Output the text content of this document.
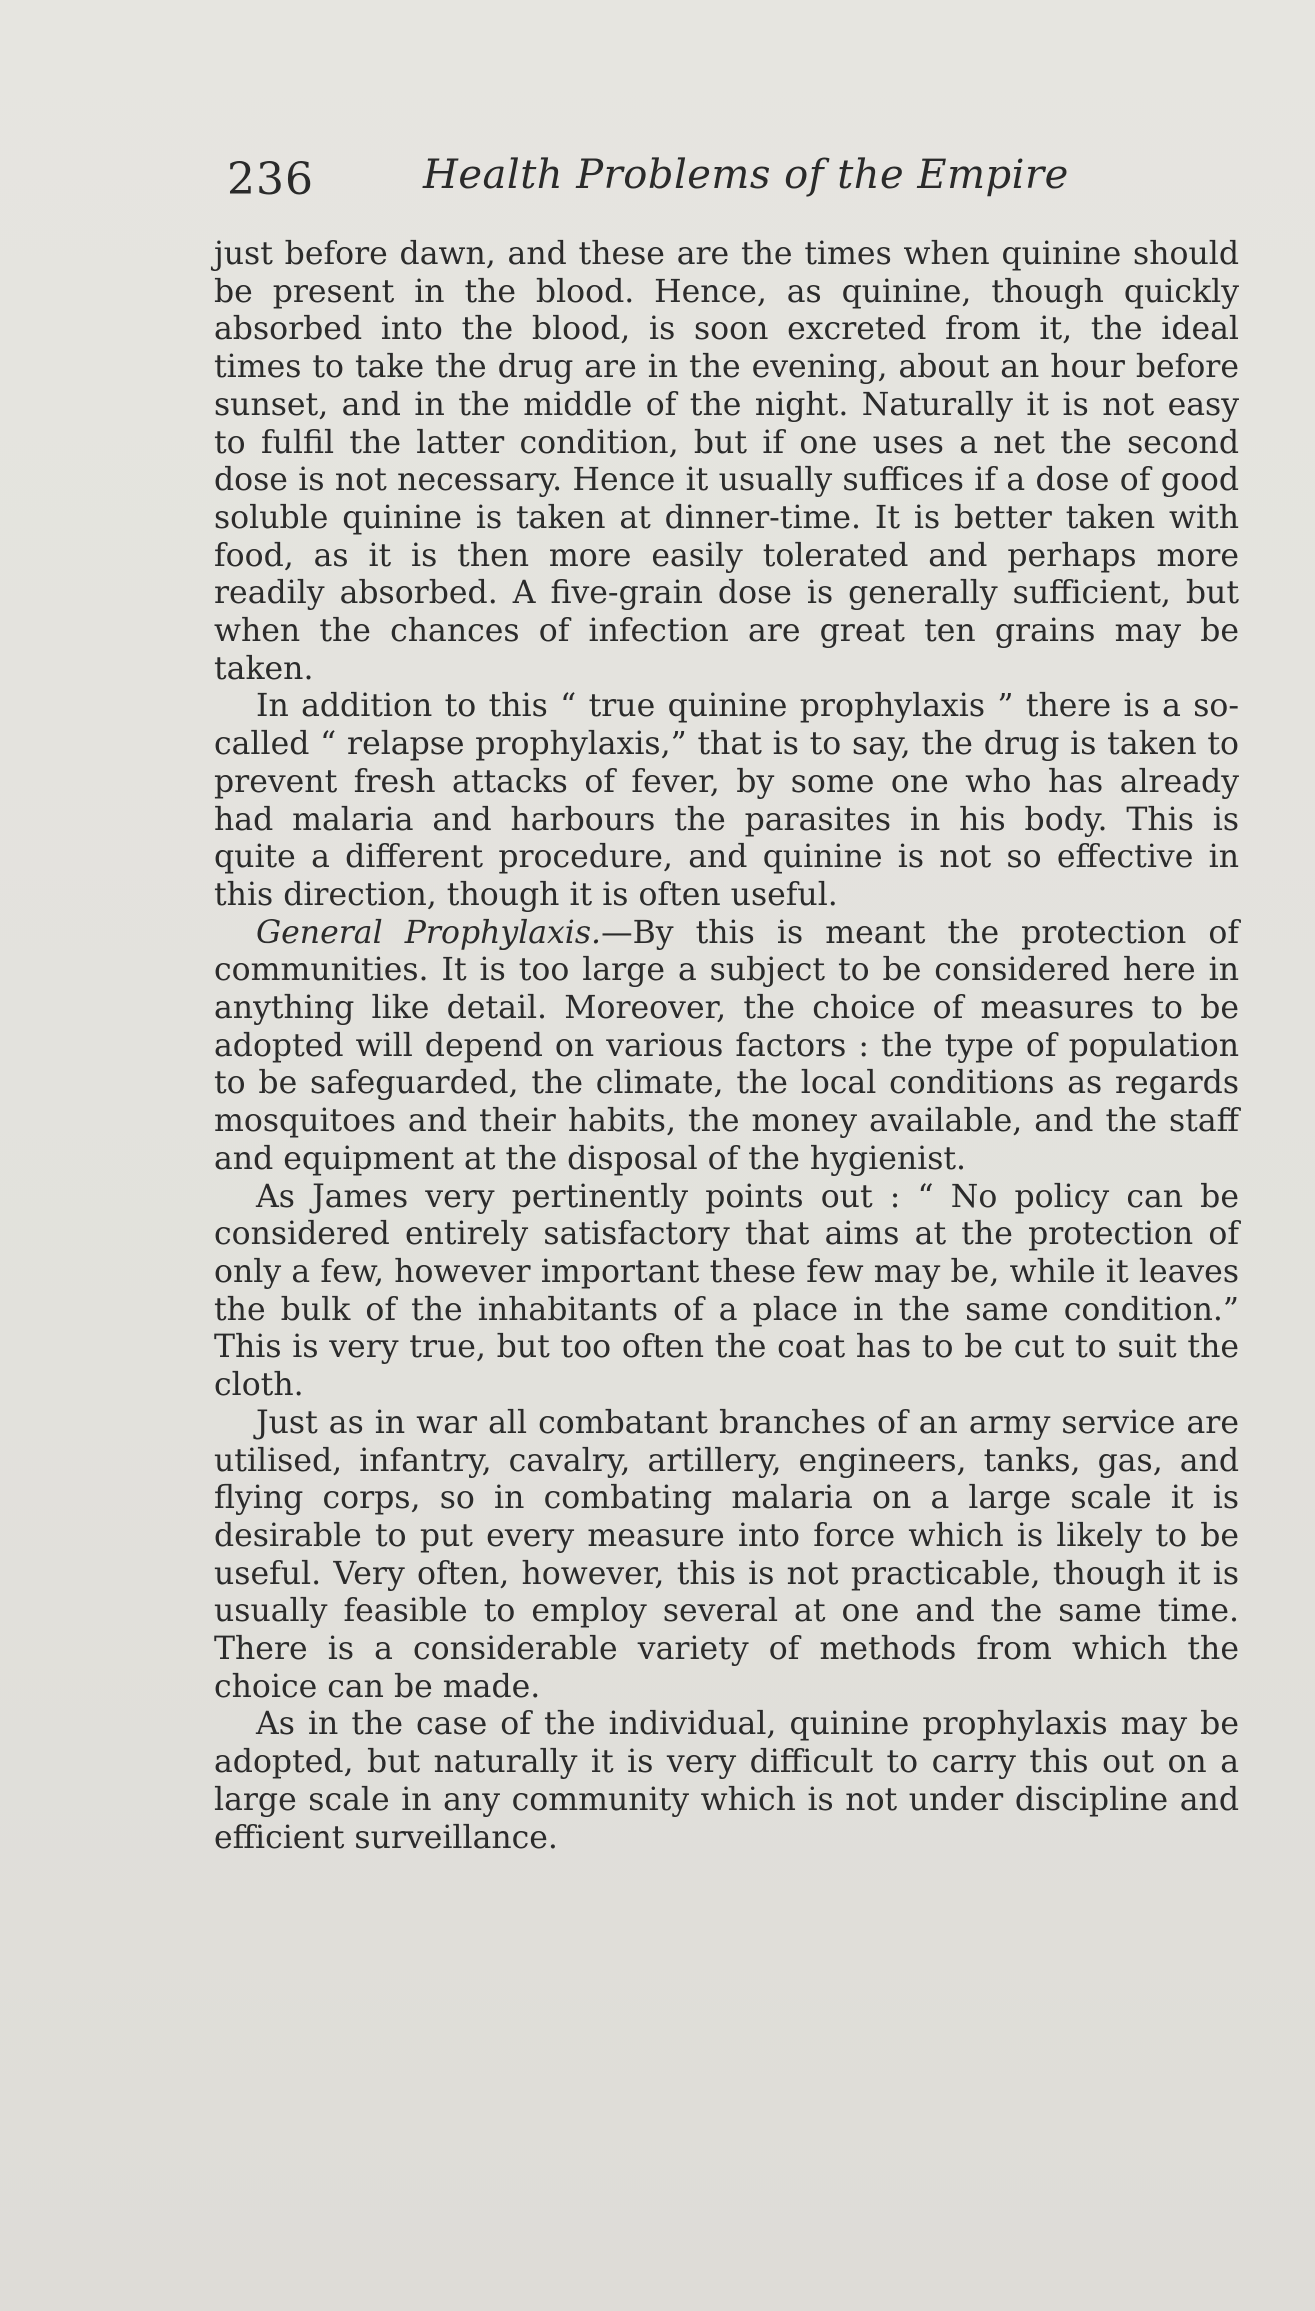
236	Health Problems of the Empire

just before dawn, and these are the times when quinine should be present in the blood. Hence, as quinine, though quickly absorbed into the blood, is soon excreted from it, the ideal times to take the drug are in the evening, about an hour before sunset, and in the middle of the night. Naturally it is not easy to fulfil the latter condition, but if one uses a net the second dose is not necessary. Hence it usually suffices if a dose of good soluble quinine is taken at dinner-time. It is better taken with food, as it is then more easily tolerated and perhaps more readily absorbed. A five-grain dose is generally sufficient, but when the chances of infection are great ten grains may be taken.

In addition to this “ true quinine prophylaxis ” there is a so-called “ relapse prophylaxis,” that is to say, the drug is taken to prevent fresh attacks of fever, by some one who has already had malaria and harbours the parasites in his body. This is quite a different procedure, and quinine is not so effective in this direction, though it is often useful.

General Prophylaxis.—By this is meant the protection of communities. It is too large a subject to be considered here in anything like detail. Moreover, the choice of measures to be adopted will depend on various factors : the type of population to be safeguarded, the climate, the local conditions as regards mosquitoes and their habits, the money available, and the staff and equipment at the disposal of the hygienist.

As James very pertinently points out : “ No policy can be considered entirely satisfactory that aims at the protection of only a few, however important these few may be, while it leaves the bulk of the inhabitants of a place in the same condition.” This is very true, but too often the coat has to be cut to suit the cloth.

Just as in war all combatant branches of an army service are utilised, infantry, cavalry, artillery, engineers, tanks, gas, and flying corps, so in combating malaria on a large scale it is desirable to put every measure into force which is likely to be useful. Very often, however, this is not practicable, though it is usually feasible to employ several at one and the same time. There is a considerable variety of methods from which the choice can be made.

As in the case of the individual, quinine prophylaxis may be adopted, but naturally it is very difficult to carry this out on a large scale in any community which is not under discipline and efficient surveillance.
